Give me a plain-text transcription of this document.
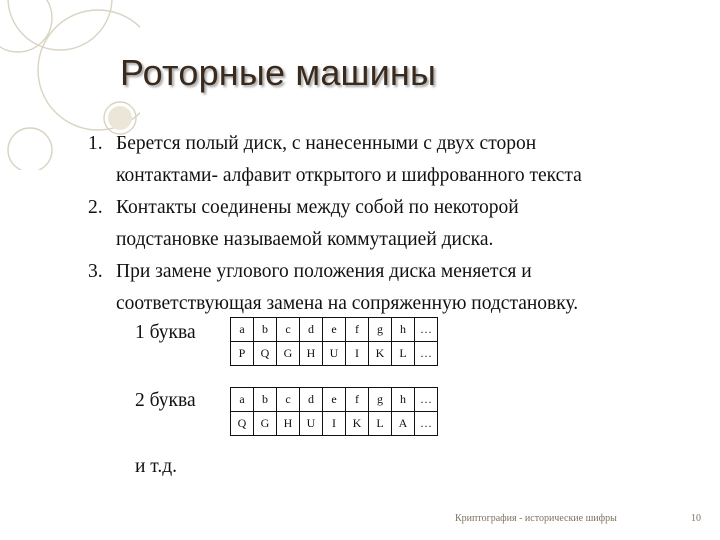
Роторные машины
1. Берется полый диск, с нанесенными с двух сторон
контактами- алфавит открытого и шифрованного текста
2. Контакты соединены между собой по некоторой
подстановке называемой коммутацией диска.
3. При замене углового положения диска меняется и
соответствующая замена на сопряженную подстановку.
1 буква	a	b	c	d	e	f	g	h	…
P	Q	G	H	U	I	K	L	…
2 буква	a	b	c	d	e	f	g	h	…
Q	G	H	U	I	K	L	A	…
и т.д.
Криптография - исторические шифры	10
